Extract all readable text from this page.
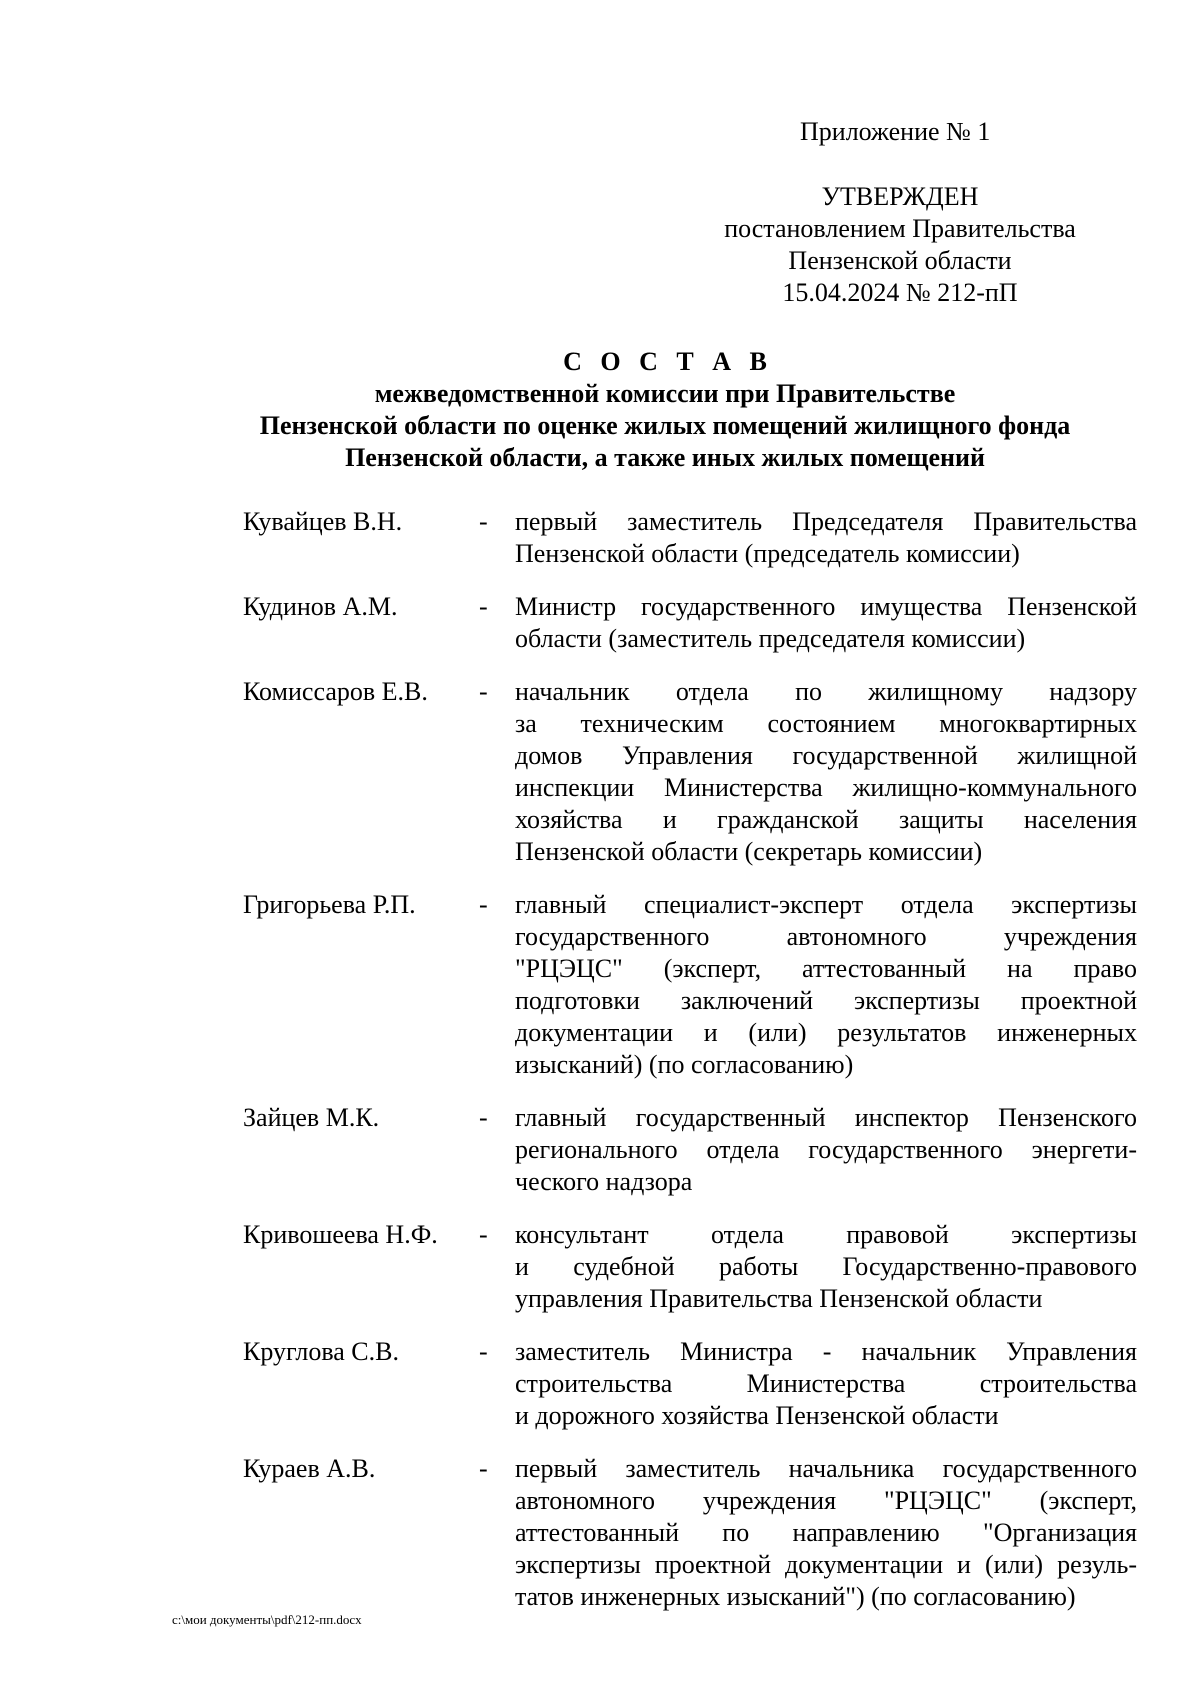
Приложение № 1
УТВЕРЖДЕН
постановлением Правительства
Пензенской области
15.04.2024 № 212-пП
С О С Т А В
межведомственной комиссии при Правительстве
Пензенской области по оценке жилых помещений жилищного фонда
Пензенской области, а также иных жилых помещений
Кувайцев В.Н.	-	первый заместитель Председателя Правительства
Пензенской области (председатель комиссии)
Кудинов А.М.	-	Министр государственного имущества Пензенской
области (заместитель председателя комиссии)
Комиссаров Е.В.	-	начальник отдела по жилищному надзору
за техническим состоянием многоквартирных
домов Управления государственной жилищной
инспекции Министерства жилищно-коммунального
хозяйства и гражданской защиты населения
Пензенской области (секретарь комиссии)
Григорьева Р.П.	-	главный специалист-эксперт отдела экспертизы
государственного автономного учреждения
"РЦЭЦС" (эксперт, аттестованный на право
подготовки заключений экспертизы проектной
документации и (или) результатов инженерных
изысканий) (по согласованию)
Зайцев М.К.	-	главный государственный инспектор Пензенского
регионального отдела государственного энергети-
ческого надзора
Кривошеева Н.Ф.	-	консультант отдела правовой экспертизы
и судебной работы Государственно-правового
управления Правительства Пензенской области
Круглова С.В.	-	заместитель Министра - начальник Управления
строительства Министерства строительства
и дорожного хозяйства Пензенской области
Кураев А.В.	-	первый заместитель начальника государственного
автономного учреждения "РЦЭЦС" (эксперт,
аттестованный по направлению "Организация
экспертизы проектной документации и (или) резуль-
татов инженерных изысканий") (по согласованию)
c:\мои документы\pdf\212-пп.docx
